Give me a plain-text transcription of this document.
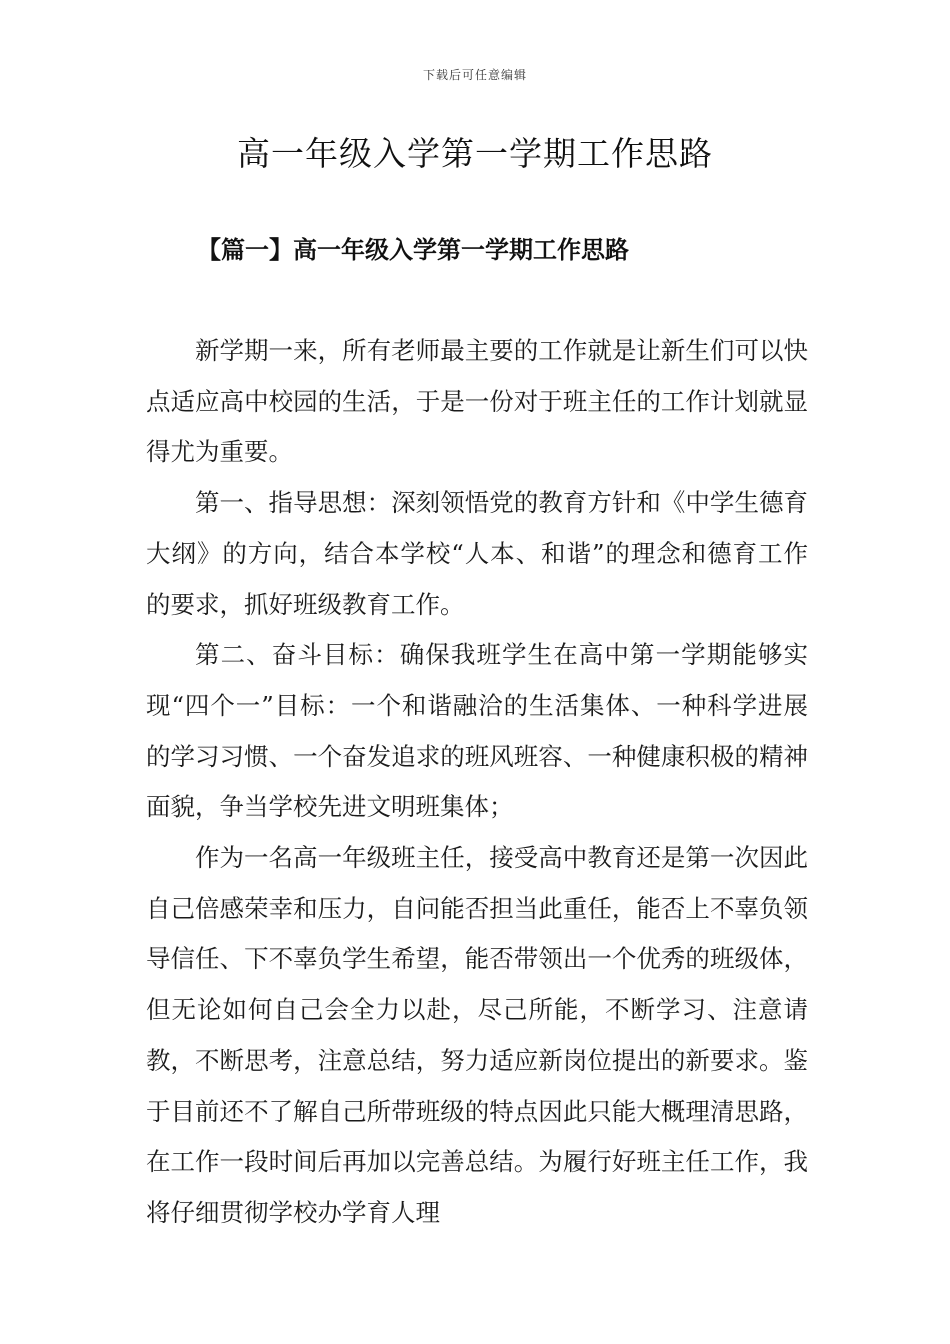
下载后可任意编辑
高一年级入学第一学期工作思路
【篇一】高一年级入学第一学期工作思路

新学期一来，所有老师最主要的工作就是让新生们可以快点适应高中校园的生活，于是一份对于班主任的工作计划就显得尤为重要。

第一、指导思想：深刻领悟党的教育方针和《中学生德育大纲》的方向，结合本学校“人本、和谐”的理念和德育工作的要求，抓好班级教育工作。

第二、奋斗目标：确保我班学生在高中第一学期能够实现“四个一”目标：一个和谐融洽的生活集体、一种科学进展的学习习惯、一个奋发追求的班风班容、一种健康积极的精神面貌，争当学校先进文明班集体；

作为一名高一年级班主任，接受高中教育还是第一次因此自己倍感荣幸和压力，自问能否担当此重任，能否上不辜负领导信任、下不辜负学生希望，能否带领出一个优秀的班级体，但无论如何自己会全力以赴，尽己所能，不断学习、注意请教，不断思考，注意总结，努力适应新岗位提出的新要求。鉴于目前还不了解自己所带班级的特点因此只能大概理清思路，在工作一段时间后再加以完善总结。为履行好班主任工作，我将仔细贯彻学校办学育人理
